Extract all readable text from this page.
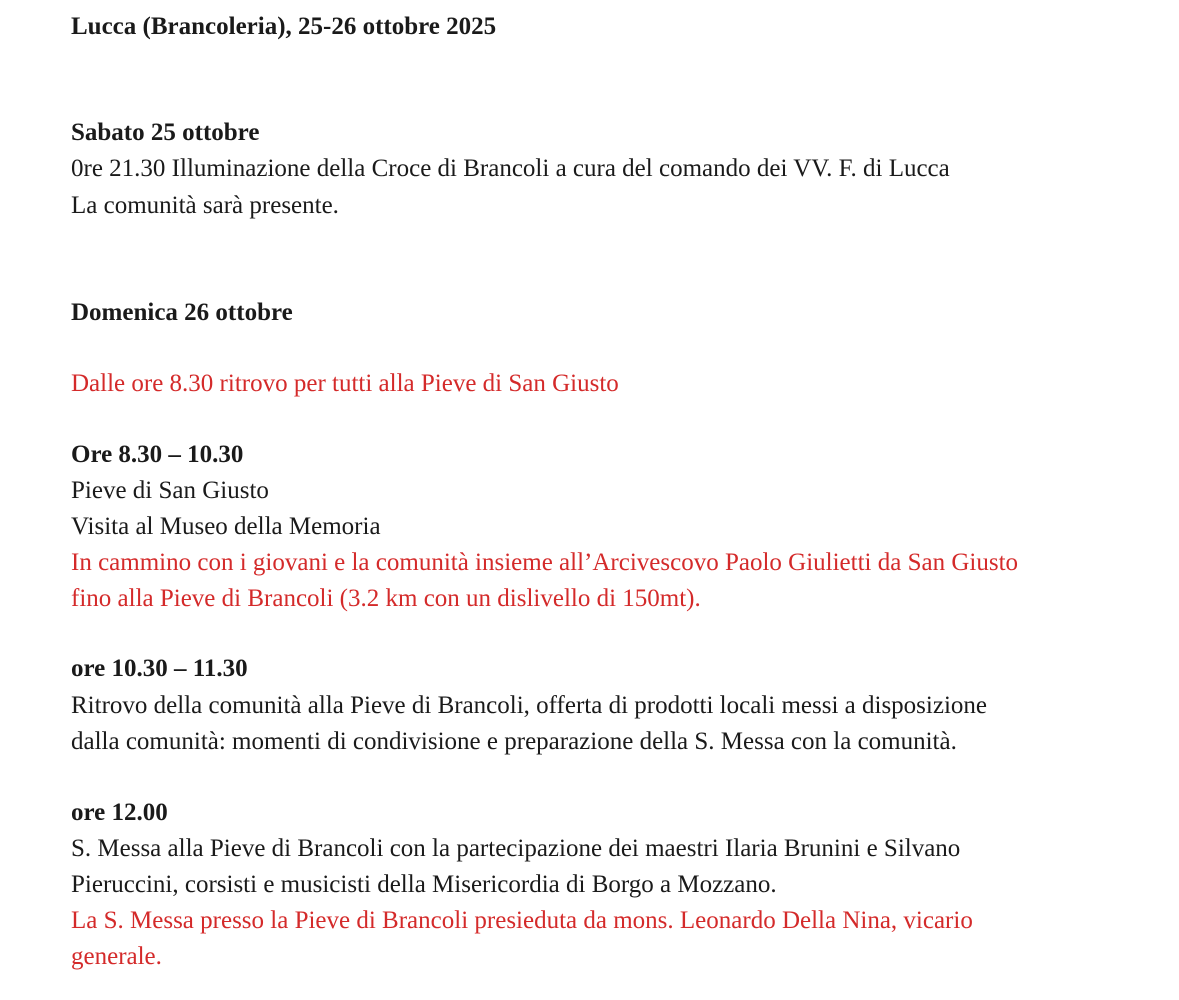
Lucca (Brancoleria), 25-26 ottobre 2025
Sabato 25 ottobre
0re 21.30 Illuminazione della Croce di Brancoli a cura del comando dei VV. F. di Lucca
La comunità sarà presente.
Domenica 26 ottobre
Dalle ore 8.30 ritrovo per tutti alla Pieve di San Giusto
Ore 8.30 – 10.30
Pieve di San Giusto
Visita al Museo della Memoria
In cammino con i giovani e la comunità insieme all’Arcivescovo Paolo Giulietti da San Giusto
fino alla Pieve di Brancoli (3.2 km con un dislivello di 150mt).
ore 10.30 – 11.30
Ritrovo della comunità alla Pieve di Brancoli, offerta di prodotti locali messi a disposizione
dalla comunità: momenti di condivisione e preparazione della S. Messa con la comunità.
ore 12.00
S. Messa alla Pieve di Brancoli con la partecipazione dei maestri Ilaria Brunini e Silvano
Pieruccini, corsisti e musicisti della Misericordia di Borgo a Mozzano.
La S. Messa presso la Pieve di Brancoli presieduta da mons. Leonardo Della Nina, vicario
generale.
